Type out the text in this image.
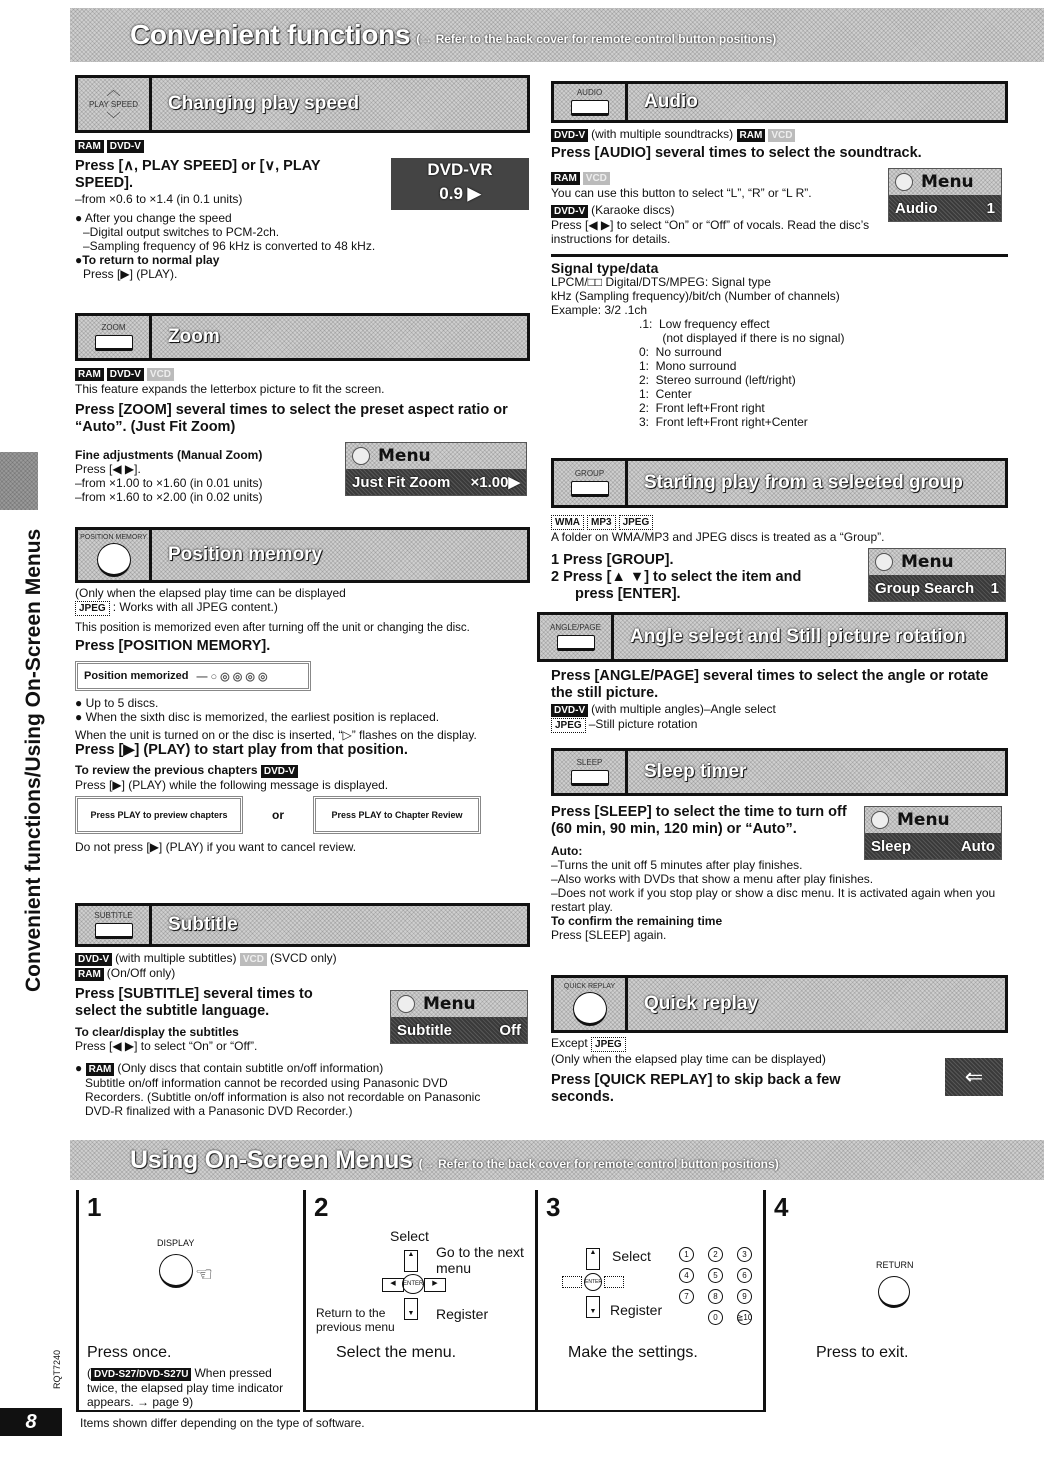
Convenient functions (→ Refer to the back cover for remote control button positions)
Convenient functions/Using On-Screen Menus
RQT7240
8	Items shown differ depending on the type of software.
︿
PLAY SPEED
﹀
Changing play speed
RAM DVD-V
Press [∧, PLAY SPEED] or [∨, PLAY SPEED].
–from ×0.6 to ×1.4 (in 0.1 units)
● After you change the speed
–Digital output switches to PCM-2ch.
–Sampling frequency of 96 kHz is converted to 48 kHz.
●To return to normal play
Press [▶] (PLAY).
DVD-VR
0.9 ▶
ZOOM	Zoom
RAM DVD-V VCD
This feature expands the letterbox picture to fit the screen.
Press [ZOOM] several times to select the preset aspect ratio or “Auto”. (Just Fit Zoom)
Fine adjustments (Manual Zoom)
Press [◀ ▶].
–from ×1.00 to ×1.60 (in 0.01 units)
–from ×1.60 to ×2.00 (in 0.02 units)
Menu
Just Fit Zoom ×1.00▶
POSITION MEMORY
Position memory
(Only when the elapsed play time can be displayed
JPEG : Works with all JPEG content.)
This position is memorized even after turning off the unit or changing the disc.
Press [POSITION MEMORY].
Position memorized —○◎◎◎◎
● Up to 5 discs.
● When the sixth disc is memorized, the earliest position is replaced.
When the unit is turned on or the disc is inserted, “▷” flashes on the display.
Press [▶] (PLAY) to start play from that position.
To review the previous chapters DVD-V
Press [▶] (PLAY) while the following message is displayed.
Press PLAY to preview chapters	or	Press PLAY to Chapter Review
Do not press [▶] (PLAY) if you want to cancel review.
SUBTITLE	Subtitle
DVD-V (with multiple subtitles) VCD (SVCD only)
RAM (On/Off only)
Press [SUBTITLE] several times to select the subtitle language.
To clear/display the subtitles
Press [◀ ▶] to select “On” or “Off”.
Menu
Subtitle	Off
● RAM (Only discs that contain subtitle on/off information)
Subtitle on/off information cannot be recorded using Panasonic DVD Recorders. (Subtitle on/off information is also not recordable on Panasonic DVD-R finalized with a Panasonic DVD Recorder.)
AUDIO	Audio
DVD-V (with multiple soundtracks) RAM VCD
Press [AUDIO] several times to select the soundtrack.
RAM VCD
You can use this button to select “L”, “R” or “L R”.
DVD-V (Karaoke discs)
Press [◀ ▶] to select “On” or “Off” of vocals. Read the disc’s instructions for details.
Menu
Audio	1
Signal type/data
LPCM/□□ Digital/DTS/MPEG: Signal type
kHz (Sampling frequency)/bit/ch (Number of channels)
Example: 3/2 .1ch
.1:  Low frequency effect
(not displayed if there is no signal)
0:  No surround
1:  Mono surround
2:  Stereo surround (left/right)
1:  Center
2:  Front left+Front right
3:  Front left+Front right+Center
GROUP	Starting play from a selected group
WMA MP3 JPEG
A folder on WMA/MP3 and JPEG discs is treated as a “Group”.
1 Press [GROUP].
2 Press [▲ ▼] to select the item and
press [ENTER].
Menu
Group Search 1
ANGLE/PAGE	Angle select and Still picture rotation
Press [ANGLE/PAGE] several times to select the angle or rotate the still picture.
DVD-V (with multiple angles)–Angle select
JPEG –Still picture rotation
SLEEP	Sleep timer
Press [SLEEP] to select the time to turn off (60 min, 90 min, 120 min) or “Auto”.
Auto:
–Turns the unit off 5 minutes after play finishes.
–Also works with DVDs that show a menu after play finishes.
–Does not work if you stop play or show a disc menu. It is activated again when you restart play.
To confirm the remaining time
Press [SLEEP] again.
Menu
Sleep	Auto
QUICK REPLAY
Quick replay
Except JPEG
(Only when the elapsed play time can be displayed)
Press [QUICK REPLAY] to skip back a few seconds.
⇐
Using On-Screen Menus (→ Refer to the back cover for remote control button positions)
1
DISPLAY
☜
Press once.
( DVD-S27/DVD-S27U When pressed twice, the elapsed play time indicator appears. → page 9)
2
Select
Go to the next menu
▲
◀	ENTER	▶
▼
Return to the previous menu
Register
Select the menu.
3
▲ Select
ENTER
▼ Register
1	2	3
4	5	6
7	8	9
0	≧10
Make the settings.
4
RETURN
Press to exit.
